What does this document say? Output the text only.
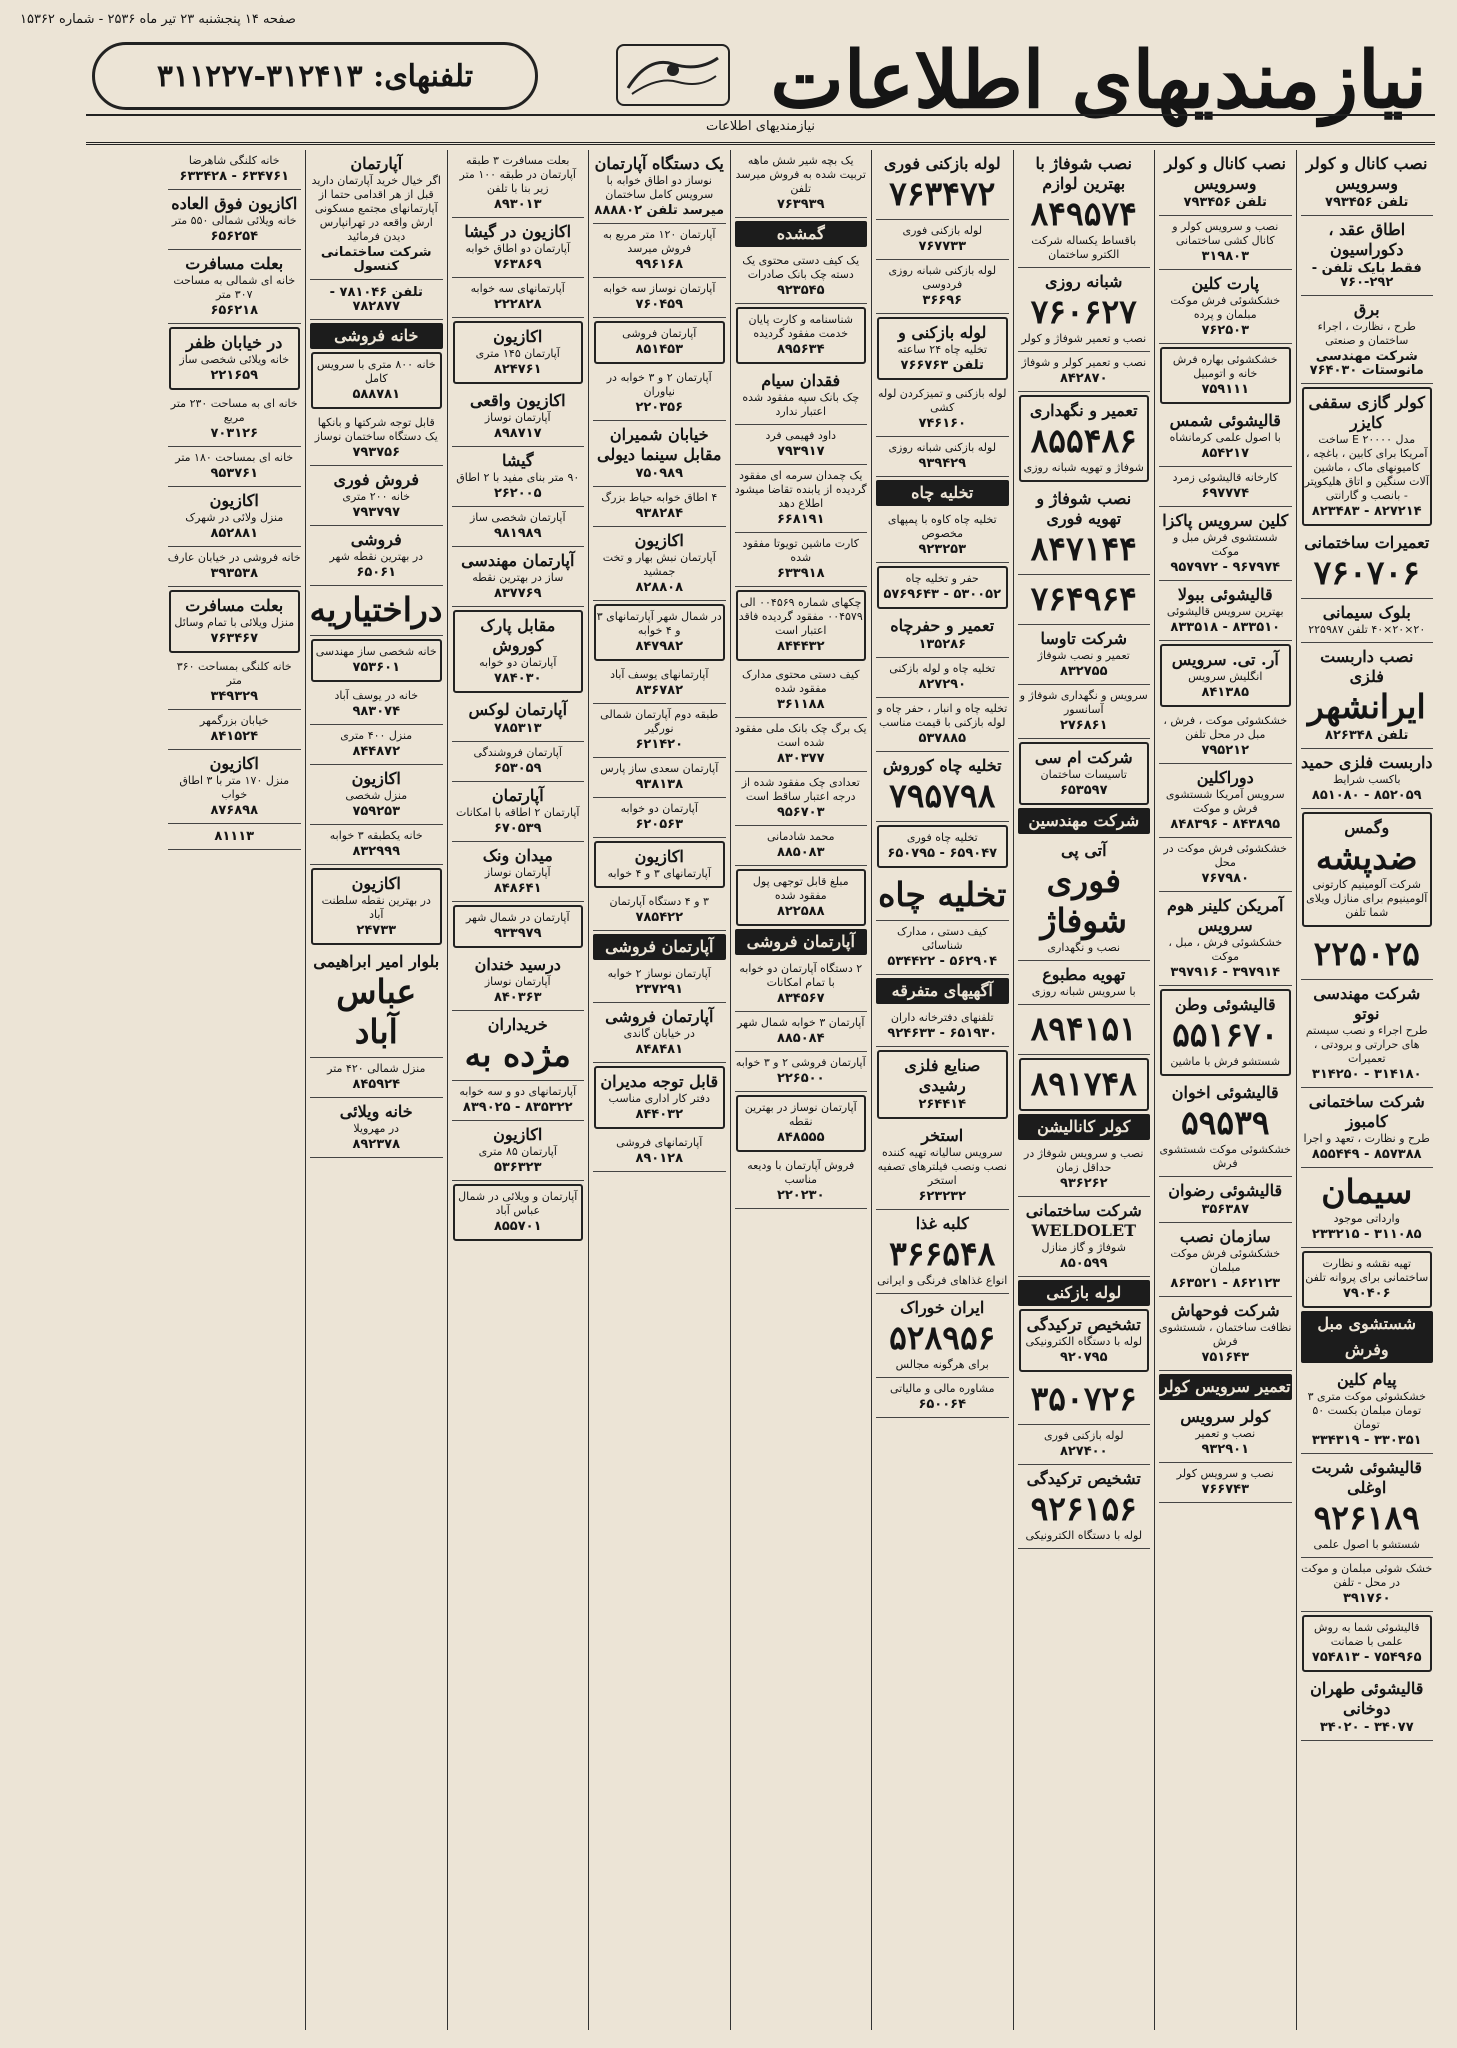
صفحه ۱۴ پنجشنبه ۲۳ تیر ماه ۲۵۳۶ - شماره ۱۵۳۶۲
نیازمندیهای اطلاعات
تلفنهای: ۳۱۲۴۱۳-۳۱۱۲۲۷
نیازمندیهای اطلاعات
نصب کانال و کولر وسرویس
تلفن ۷۹۳۴۵۶
اطاق عقد ، دکوراسیون
فقط بایک تلفن - ۲۹۲-۷۶۰
برق
طرح ، نظارت ، اجراء ساختمان و صنعتی
شرکت مهندسی مانوستات ۷۶۴۰۳۰
کولر گازی سقفی کایزر
مدل E ۲۰۰۰۰ ساخت آمریکا برای کابین ، باغچه ، کامیونهای ماک ، ماشین آلات سنگین و اتاق هلیکوپتر - بانصب و گارانتی
۸۲۷۲۱۴ - ۸۲۳۴۸۳
تعمیرات ساختمانی
۷۶۰۷۰۶
بلوک سیمانی
۲۰×۲۰×۴۰ تلفن ۲۲۵۹۸۷
نصب داربست فلزی
ایرانشهر
تلفن ۸۲۶۳۴۸
داربست فلزی حمید
باکسب شرایط
۸۵۲۰۵۹ - ۸۵۱۰۸۰
وگمس
ضدپشه
شرکت آلومینیم کارتونی آلومینیوم برای منازل ویلای شما تلفن
۲۲۵۰۲۵
شرکت مهندسی نوتو
طرح اجراء و نصب سیستم های حرارتی و برودتی ، تعمیرات
۳۱۴۱۸۰ - ۳۱۴۲۵۰
شرکت ساختمانی کامبوز
طرح و نظارت ، تعهد و اجرا
۸۵۷۳۸۸ - ۸۵۵۴۴۹
سیمان
وارداتی موجود
۳۱۱۰۸۵ - ۲۳۳۲۱۵
تهیه نقشه و نظارت ساختمانی برای پروانه تلفن
۷۹۰۴۰۶
شستشوی مبل وفرش
پیام کلین
خشکشوئی موکت متری ۳ تومان مبلمان بکست ۵۰ تومان
۳۳۰۳۵۱ - ۳۳۴۳۱۹
قالیشوئی شربت اوغلی
۹۲۶۱۸۹
شستشو با اصول علمی
خشک شوئی مبلمان و موکت در محل - تلفن
۳۹۱۷۶۰
قالیشوئی شما به روش علمی با ضمانت
۷۵۴۹۶۵ - ۷۵۴۸۱۳
قالیشوئی طهران دوخانی
۳۴۰۷۷ - ۳۴۰۲۰
نصب کانال و کولر وسرویس
تلفن ۷۹۳۴۵۶
نصب و سرویس کولر و کانال کشی ساختمانی
۳۱۹۸۰۳
پارت کلین
خشکشوئی فرش موکت مبلمان و پرده
۷۶۲۵۰۳
خشکشوئی بهاره فرش خانه و اتومبیل
۷۵۹۱۱۱
قالیشوئی شمس
با اصول علمی کرمانشاه
۸۵۴۲۱۷
کارخانه قالیشوئی زمرد
۶۹۷۷۷۴
کلین سرویس پاکزا
شستشوی فرش مبل و موکت
۹۶۷۹۷۴ - ۹۵۷۹۷۲
قالیشوئی ببولا
بهترین سرویس قالیشوئی
۸۳۳۵۱۰ - ۸۳۳۵۱۸
آر. تی. سرویس
انگلیش سرویس
۸۴۱۳۸۵
خشکشوئی موکت ، فرش ، مبل در محل تلفن
۷۹۵۲۱۲
دوراکلین
سرویس آمریکا شستشوی فرش و موکت
۸۴۳۸۹۵ - ۸۴۸۳۹۶
خشکشوئی فرش موکت در محل
۷۶۷۹۸۰
آمریکن کلینر هوم سرویس
خشکشوئی فرش ، مبل ، موکت
۳۹۷۹۱۴ - ۳۹۷۹۱۶
قالیشوئی وطن
۵۵۱۶۷۰
شستشو فرش با ماشین
قالیشوئی اخوان
۵۹۵۳۹
خشکشوئی موکت شستشوی فرش
قالیشوئی رضوان
۳۵۶۳۸۷
سازمان نصب
خشکشوئی فرش موکت مبلمان
۸۶۲۱۲۳ - ۸۶۳۵۲۱
شرکت فوحهاش
نظافت ساختمان ، شستشوی فرش
۷۵۱۶۴۳
تعمیر سرویس کولر
کولر سرویس
نصب و تعمیر
۹۳۲۹۰۱
نصب و سرویس کولر
۷۶۶۷۴۳
نصب شوفاژ با بهترین لوازم
۸۴۹۵۷۴
باقساط یکساله شرکت الکترو ساختمان
شبانه روزی
۷۶۰۶۲۷
نصب و تعمیر شوفاژ و کولر
نصب و تعمیر کولر و شوفاژ
۸۴۲۸۷۰
تعمیر و نگهداری
۸۵۵۴۸۶
شوفاژ و تهویه شبانه روزی
نصب شوفاژ و تهویه فوری
۸۴۷۱۴۴
۷۶۴۹۶۴
شرکت تاوسا
تعمیر و نصب شوفاژ
۸۳۲۷۵۵
سرویس و نگهداری شوفاژ و آسانسور
۲۷۶۸۶۱
شرکت ام سی
تاسیسات ساختمان
۶۵۳۵۹۷
شرکت مهندسین
آتی پی
فوری شوفاژ
نصب و نگهداری
تهویه مطبوع
با سرویس شبانه روزی
۸۹۴۱۵۱
۸۹۱۷۴۸
کولر کانالیشن
نصب و سرویس شوفاژ در حداقل زمان
۹۳۶۲۶۲
شرکت ساختمانی WELDOLET
شوفاژ و گاز منازل
۸۵۰۵۹۹
لوله بازکنی
تشخیص ترکیدگی
لوله با دستگاه الکترونیکی
۹۲۰۷۹۵
۳۵۰۷۲۶
لوله بازکنی فوری
۸۲۷۴۰۰
تشخیص ترکیدگی
۹۲۶۱۵۶
لوله با دستگاه الکترونیکی
لوله بازکنی فوری
۷۶۳۴۷۲
لوله بازکنی فوری
۷۶۷۷۳۳
لوله بازکنی شبانه روزی فردوسی
۳۶۶۹۶
لوله بازکنی و
تخلیه چاه ۲۴ ساعته
تلفن ۷۶۶۷۶۳
لوله بازکنی و تمیزکردن لوله کشی
۷۴۶۱۶۰
لوله بازکنی شبانه روزی
۹۳۹۴۲۹
تخلیه چاه
تخلیه چاه کاوه با پمپهای مخصوص
۹۲۳۲۵۳
حفر و تخلیه چاه
۵۳۰۰۵۲ - ۵۷۶۹۶۴۳
تعمیر و حفرچاه
۱۳۵۲۸۶
تخلیه چاه و لوله بازکنی
۸۲۷۲۹۰
تخلیه چاه و انبار ، حفر چاه و لوله بازکنی با قیمت مناسب
۵۳۷۸۸۵
تخلیه چاه کوروش
۷۹۵۷۹۸
تخلیه چاه فوری
۶۵۹۰۴۷ - ۶۵۰۷۹۵
تخلیه چاه
کیف دستی ، مدارک شناسائی
۵۶۲۹۰۴ - ۵۳۴۴۲۲
آگهیهای متفرقه
تلفنهای دفترخانه داران
۶۵۱۹۳۰ - ۹۲۴۶۳۳
صنایع فلزی رشیدی
۲۶۴۴۱۴
استخر
سرویس سالیانه تهیه کننده نصب ونصب فیلترهای تصفیه استخر
۶۲۳۲۳۲
کلبه غذا
۳۶۶۵۴۸
انواع غذاهای فرنگی و ایرانی
ایران خوراک
۵۲۸۹۵۶
برای هرگونه مجالس
مشاوره مالی و مالیاتی
۶۵۰۰۶۴
یک بچه شیر شش ماهه تربیت شده به فروش میرسد تلفن
۷۶۳۹۳۹
گمشده
یک کیف دستی محتوی یک دسته چک بانک صادرات
۹۲۳۵۴۵
شناسنامه و کارت پایان خدمت مفقود گردیده
۸۹۵۶۳۴
فقدان سیام
چک بانک سپه مفقود شده اعتبار ندارد
داود فهیمی فرد
۷۹۳۹۱۷
یک چمدان سرمه ای مفقود گردیده از یابنده تقاضا میشود اطلاع دهد
۶۶۸۱۹۱
کارت ماشین تویوتا مفقود شده
۶۳۳۹۱۸
چکهای شماره ۰۰۴۵۶۹ الی ۰۰۴۵۷۹ مفقود گردیده فاقد اعتبار است
۸۴۴۴۳۲
کیف دستی محتوی مدارک مفقود شده
۳۶۱۱۸۸
یک برگ چک بانک ملی مفقود شده است
۸۳۰۳۷۷
تعدادی چک مفقود شده از درجه اعتبار ساقط است
۹۵۶۷۰۳
محمد شادمانی
۸۸۵۰۸۳
مبلغ قابل توجهی پول مفقود شده
۸۲۲۵۸۸
آپارتمان فروشی
۲ دستگاه آپارتمان دو خوابه با تمام امکانات
۸۳۴۵۶۷
آپارتمان ۳ خوابه شمال شهر
۸۸۵۰۸۴
آپارتمان فروشی ۲ و ۳ خوابه
۲۲۶۵۰۰
آپارتمان نوساز در بهترین نقطه
۸۴۸۵۵۵
فروش آپارتمان با ودیعه مناسب
۲۲۰۲۳۰
یک دستگاه آپارتمان
نوساز دو اطاق خوابه با سرویس کامل ساختمان
میرسد تلفن ۸۸۸۸۰۲
آپارتمان ۱۲۰ متر مربع به فروش میرسد
۹۹۶۱۶۸
آپارتمان نوساز سه خوابه
۷۶۰۴۵۹
آپارتمان فروشی
۸۵۱۴۵۳
آپارتمان ۲ و ۳ خوابه در نیاوران
۲۲۰۳۵۶
خیابان شمیران مقابل سینما دیولی
۷۵۰۹۸۹
۴ اطاق خوابه حیاط بزرگ
۹۳۸۲۸۴
اکازیون
آپارتمان نبش بهار و تخت جمشید
۸۲۸۸۰۸
در شمال شهر آپارتمانهای ۳ و ۴ خوابه
۸۴۷۹۸۲
آپارتمانهای یوسف آباد
۸۳۶۷۸۲
طبقه دوم آپارتمان شمالی نورگیر
۶۲۱۴۲۰
آپارتمان سعدی ساز پارس
۹۳۸۱۳۸
آپارتمان دو خوابه
۶۲۰۵۶۳
اکازیون
آپارتمانهای ۳ و ۴ خوابه
۳ و ۴ دستگاه آپارتمان
۷۸۵۴۲۲
آپارتمان فروشی
آپارتمان نوساز ۲ خوابه
۲۳۷۲۹۱
آپارتمان فروشی
در خیابان گاندی
۸۴۸۴۸۱
قابل توجه مدیران
دفتر کار اداری مناسب
۸۴۴۰۳۲
آپارتمانهای فروشی
۸۹۰۱۲۸
بعلت مسافرت ۳ طبقه آپارتمان در طبقه ۱۰۰ متر زیر بنا با تلفن
۸۹۳۰۱۳
اکازیون در گیشا
آپارتمان دو اطاق خوابه
۷۶۳۸۶۹
آپارتمانهای سه خوابه
۲۲۲۸۲۸
اکازیون
آپارتمان ۱۴۵ متری
۸۲۴۷۶۱
اکازیون واقعی
آپارتمان نوساز
۸۹۸۷۱۷
گیشا
۹۰ متر بنای مفید با ۲ اطاق
۲۶۲۰۰۵
آپارتمان شخصی ساز
۹۸۱۹۸۹
آپارتمان مهندسی
ساز در بهترین نقطه
۸۳۷۷۶۹
مقابل پارک کوروش
آپارتمان دو خوابه
۷۸۴۰۳۰
آپارتمان لوکس
۷۸۵۳۱۳
آپارتمان فروشندگی
۶۵۳۰۵۹
آپارتمان
آپارتمان ۲ اطاقه با امکانات
۶۷۰۵۳۹
میدان ونک
آپارتمان نوساز
۸۴۸۶۴۱
آپارتمان در شمال شهر
۹۳۳۹۷۹
درسید خندان
آپارتمان نوساز
۸۴۰۳۶۳
خریداران
مژده به
آپارتمانهای دو و سه خوابه
۸۳۵۳۲۲ - ۸۳۹۰۲۵
اکازیون
آپارتمان ۸۵ متری
۵۳۶۳۲۳
آپارتمان و ویلائی در شمال عباس آباد
۸۵۵۷۰۱
آپارتمان
اگر خیال خرید آپارتمان دارید قبل از هر اقدامی حتما از آپارتمانهای مجتمع مسکونی ارش واقعه در تهرانپارس دیدن فرمائید
شرکت ساختمانی کنسول
تلفن ۷۸۱۰۴۶ - ۷۸۲۸۷۷
خانه فروشی
خانه ۸۰۰ متری با سرویس کامل
۵۸۸۷۸۱
قابل توجه شرکتها و بانکها یک دستگاه ساختمان نوساز
۷۹۳۷۵۶
فروش فوری
خانه ۲۰۰ متری
۷۹۳۷۹۷
فروشی
در بهترین نقطه شهر
۶۵۰۶۱
دراختیاریه
خانه شخصی ساز مهندسی
۷۵۳۶۰۱
خانه در یوسف آباد
۹۸۳۰۷۴
منزل ۴۰۰ متری
۸۴۴۸۷۲
اکازیون
منزل شخصی
۷۵۹۲۵۳
خانه یکطبقه ۳ خوابه
۸۳۲۹۹۹
اکازیون
در بهترین نقطه سلطنت آباد
۲۴۷۳۳
بلوار امیر ابراهیمی
عباس آباد
منزل شمالی ۴۲۰ متر
۸۴۵۹۲۴
خانه ویلائی
در مهرویلا
۸۹۲۳۷۸
خانه کلنگی شاهرضا
۶۳۴۷۶۱ - ۶۳۳۴۲۸
اکازیون فوق العاده
خانه ویلائی شمالی ۵۵۰ متر
۶۵۶۲۵۴
بعلت مسافرت
خانه ای شمالی به مساحت ۳۰۷ متر
۶۵۶۲۱۸
در خیابان ظفر
خانه ویلائی شخصی ساز
۲۲۱۶۵۹
خانه ای به مساحت ۲۳۰ متر مربع
۷۰۳۱۲۶
خانه ای بمساحت ۱۸۰ متر
۹۵۳۷۶۱
اکازیون
منزل ولائی در شهرک
۸۵۲۸۸۱
خانه فروشی در خیابان عارف
۳۹۳۵۳۸
بعلت مسافرت
منزل ویلائی با تمام وسائل
۷۶۳۴۶۷
خانه کلنگی بمساحت ۳۶۰ متر
۳۴۹۳۲۹
خیابان بزرگمهر
۸۴۱۵۲۴
اکازیون
منزل ۱۷۰ متر با ۳ اطاق خواب
۸۷۶۸۹۸
۸۱۱۱۳
